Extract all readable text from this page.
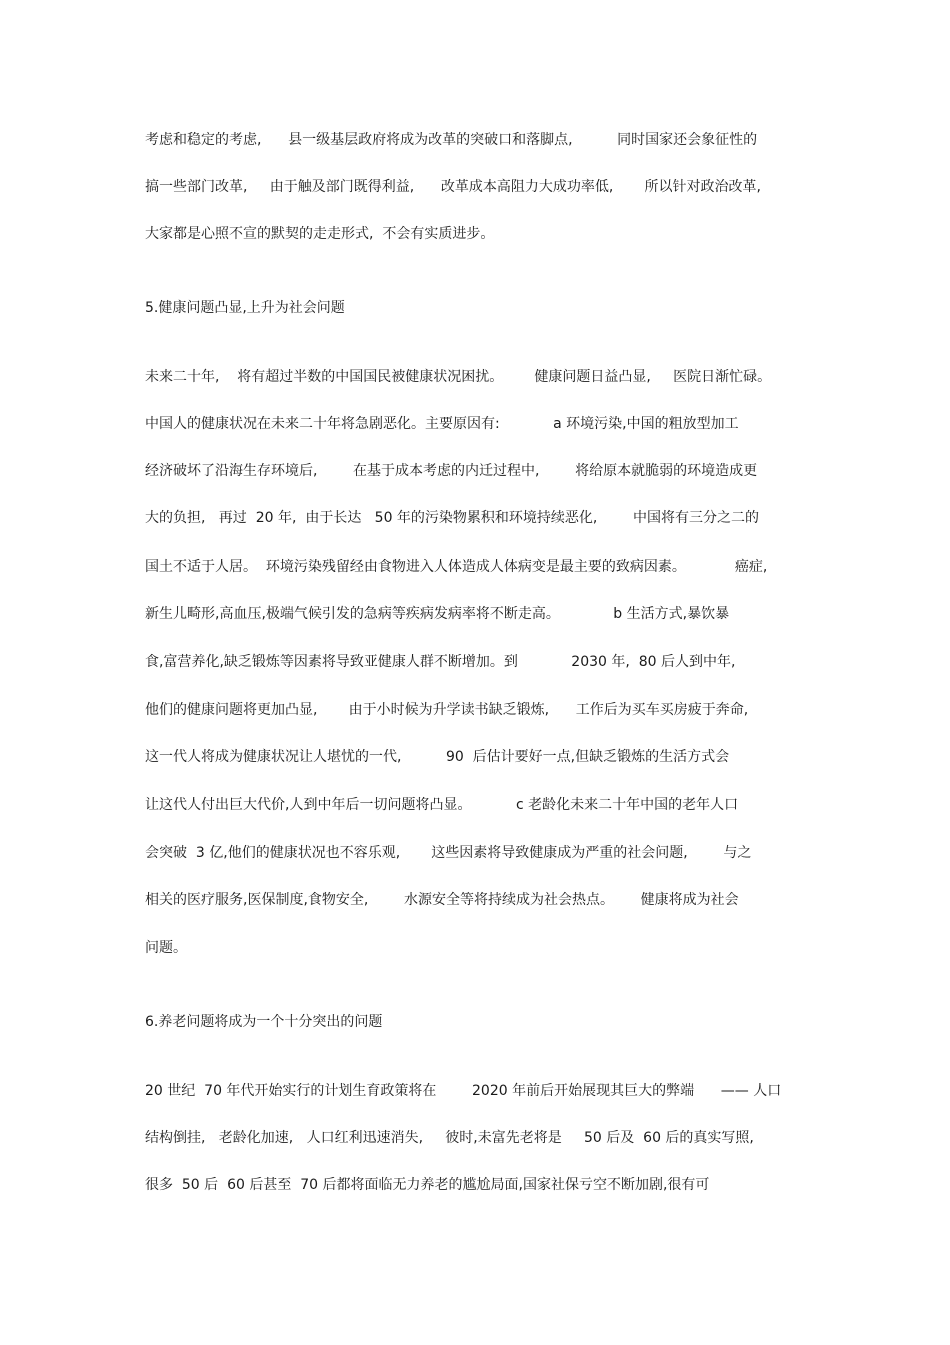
考虑和稳定的考虑,      县一级基层政府将成为改革的突破口和落脚点,          同时国家还会象征性的
搞一些部门改革,     由于触及部门既得利益,      改革成本高阻力大成功率低,       所以针对政治改革,
大家都是心照不宣的默契的走走形式,  不会有实质进步。
5.健康问题凸显,上升为社会问题
未来二十年,    将有超过半数的中国国民被健康状况困扰。       健康问题日益凸显,     医院日渐忙碌。
中国人的健康状况在未来二十年将急剧恶化。主要原因有:            a 环境污染,中国的粗放型加工
经济破坏了沿海生存环境后,        在基于成本考虑的内迁过程中,        将给原本就脆弱的环境造成更
大的负担,   再过  20 年,  由于长达   50 年的污染物累积和环境持续恶化,        中国将有三分之二的
国土不适于人居。  环境污染残留经由食物进入人体造成人体病变是最主要的致病因素。           癌症,
新生儿畸形,高血压,极端气候引发的急病等疾病发病率将不断走高。            b 生活方式,暴饮暴
食,富营养化,缺乏锻炼等因素将导致亚健康人群不断增加。到            2030 年,  80 后人到中年,
他们的健康问题将更加凸显,       由于小时候为升学读书缺乏锻炼,      工作后为买车买房疲于奔命,
这一代人将成为健康状况让人堪忧的一代,          90  后估计要好一点,但缺乏锻炼的生活方式会
让这代人付出巨大代价,人到中年后一切问题将凸显。          c 老龄化未来二十年中国的老年人口
会突破  3 亿,他们的健康状况也不容乐观,       这些因素将导致健康成为严重的社会问题,        与之
相关的医疗服务,医保制度,食物安全,        水源安全等将持续成为社会热点。      健康将成为社会
问题。
6.养老问题将成为一个十分突出的问题
20 世纪  70 年代开始实行的计划生育政策将在        2020 年前后开始展现其巨大的弊端      —— 人口
结构倒挂,   老龄化加速,   人口红利迅速消失,     彼时,未富先老将是     50 后及  60 后的真实写照,
很多  50 后  60 后甚至  70 后都将面临无力养老的尴尬局面,国家社保亏空不断加剧,很有可
